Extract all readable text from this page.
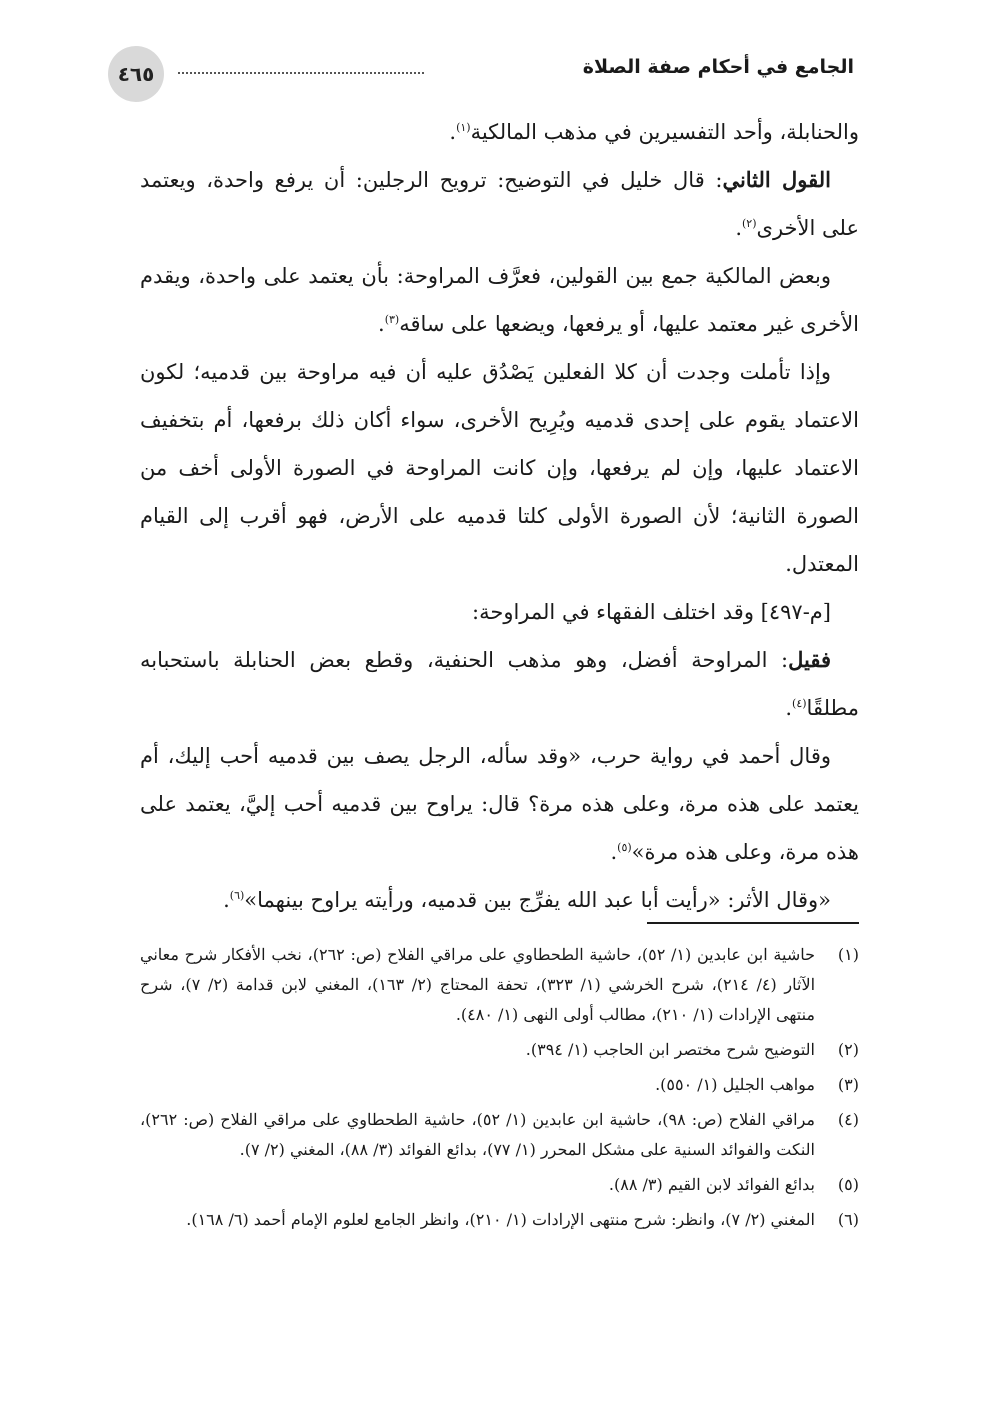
الجامع في أحكام صفة الصلاة
٤٦٥

والحنابلة، وأحد التفسيرين في مذهب المالكية$^{(١)}$.

القول الثاني: قال خليل في التوضيح: ترويح الرجلين: أن يرفع واحدة، ويعتمد على الأخرى$^{(٢)}$.

وبعض المالكية جمع بين القولين، فعرَّف المراوحة: بأن يعتمد على واحدة، ويقدم الأخرى غير معتمد عليها، أو يرفعها، ويضعها على ساقه$^{(٣)}$.

وإذا تأملت وجدت أن كلا الفعلين يَصْدُق عليه أن فيه مراوحة بين قدميه؛ لكون الاعتماد يقوم على إحدى قدميه ويُرِيح الأخرى، سواء أكان ذلك برفعها، أم بتخفيف الاعتماد عليها، وإن لم يرفعها، وإن كانت المراوحة في الصورة الأولى أخف من الصورة الثانية؛ لأن الصورة الأولى كلتا قدميه على الأرض، فهو أقرب إلى القيام المعتدل.

[م-٤٩٧] وقد اختلف الفقهاء في المراوحة:

فقيل: المراوحة أفضل، وهو مذهب الحنفية، وقطع بعض الحنابلة باستحبابه مطلقًا$^{(٤)}$.

وقال أحمد في رواية حرب، «وقد سأله، الرجل يصف بين قدميه أحب إليك، أم يعتمد على هذه مرة، وعلى هذه مرة؟ قال: يراوح بين قدميه أحب إليَّ، يعتمد على هذه مرة، وعلى هذه مرة»$^{(٥)}$.

«وقال الأثر: «رأيت أبا عبد الله يفرِّج بين قدميه، ورأيته يراوح بينهما»$^{(٦)}$.

(١)
حاشية ابن عابدين (١/ ٥٢)، حاشية الطحطاوي على مراقي الفلاح (ص: ٢٦٢)، نخب الأفكار شرح معاني الآثار (٤/ ٢١٤)، شرح الخرشي (١/ ٣٢٣)، تحفة المحتاج (٢/ ١٦٣)، المغني لابن قدامة (٢/ ٧)، شرح منتهى الإرادات (١/ ٢١٠)، مطالب أولى النهى (١/ ٤٨٠).
(٢)
التوضيح شرح مختصر ابن الحاجب (١/ ٣٩٤).
(٣)
مواهب الجليل (١/ ٥٥٠).
(٤)
مراقي الفلاح (ص: ٩٨)، حاشية ابن عابدين (١/ ٥٢)، حاشية الطحطاوي على مراقي الفلاح (ص: ٢٦٢)، النكت والفوائد السنية على مشكل المحرر (١/ ٧٧)، بدائع الفوائد (٣/ ٨٨)، المغني (٢/ ٧).
(٥)
بدائع الفوائد لابن القيم (٣/ ٨٨).
(٦)
المغني (٢/ ٧)، وانظر: شرح منتهى الإرادات (١/ ٢١٠)، وانظر الجامع لعلوم الإمام أحمد (٦/ ١٦٨).
